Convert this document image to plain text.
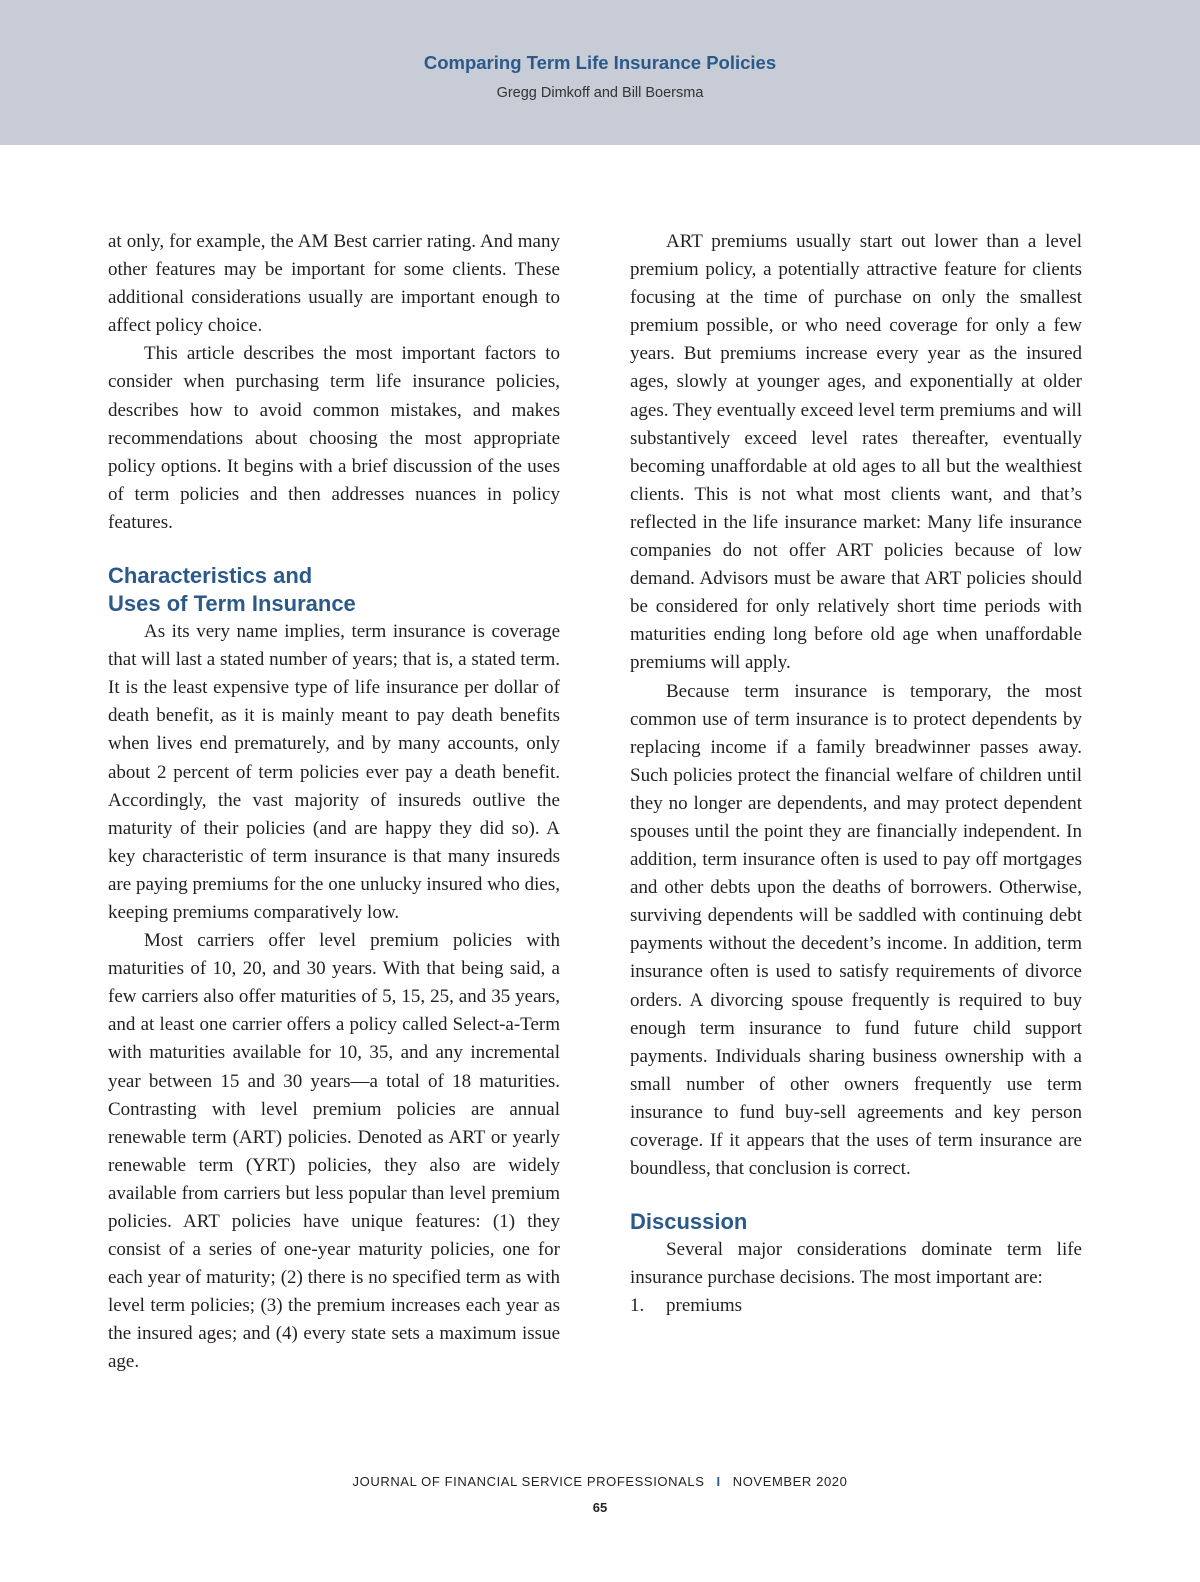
Comparing Term Life Insurance Policies
Gregg Dimkoff and Bill Boersma

at only, for example, the AM Best carrier rating. And many other features may be important for some clients. These additional considerations usually are important enough to affect policy choice.

This article describes the most important factors to consider when purchasing term life insurance policies, describes how to avoid common mistakes, and makes recommendations about choosing the most appropriate policy options. It begins with a brief discussion of the uses of term policies and then addresses nuances in policy features.

Characteristics and
Uses of Term Insurance

As its very name implies, term insurance is coverage that will last a stated number of years; that is, a stated term. It is the least expensive type of life insurance per dollar of death benefit, as it is mainly meant to pay death benefits when lives end prematurely, and by many accounts, only about 2 percent of term policies ever pay a death benefit. Accordingly, the vast majority of insureds outlive the maturity of their policies (and are happy they did so). A key characteristic of term insurance is that many insureds are paying premiums for the one unlucky insured who dies, keeping premiums comparatively low.

Most carriers offer level premium policies with maturities of 10, 20, and 30 years. With that being said, a few carriers also offer maturities of 5, 15, 25, and 35 years, and at least one carrier offers a policy called Select-a-Term with maturities available for 10, 35, and any incremental year between 15 and 30 years—a total of 18 maturities. Contrasting with level premium policies are annual renewable term (ART) policies. Denoted as ART or yearly renewable term (YRT) policies, they also are widely available from carriers but less popular than level premium policies. ART policies have unique features: (1) they consist of a series of one-year maturity policies, one for each year of maturity; (2) there is no specified term as with level term policies; (3) the premium increases each year as the insured ages; and (4) every state sets a maximum issue age.

ART premiums usually start out lower than a level premium policy, a potentially attractive feature for clients focusing at the time of purchase on only the smallest premium possible, or who need coverage for only a few years. But premiums increase every year as the insured ages, slowly at younger ages, and exponentially at older ages. They eventually exceed level term premiums and will substantively exceed level rates thereafter, eventually becoming unaffordable at old ages to all but the wealthiest clients. This is not what most clients want, and that’s reflected in the life insurance market: Many life insurance companies do not offer ART policies because of low demand. Advisors must be aware that ART policies should be considered for only relatively short time periods with maturities ending long before old age when unaffordable premiums will apply.

Because term insurance is temporary, the most common use of term insurance is to protect dependents by replacing income if a family breadwinner passes away. Such policies protect the financial welfare of children until they no longer are dependents, and may protect dependent spouses until the point they are financially independent. In addition, term insurance often is used to pay off mortgages and other debts upon the deaths of borrowers. Otherwise, surviving dependents will be saddled with continuing debt payments without the decedent’s income. In addition, term insurance often is used to satisfy requirements of divorce orders. A divorcing spouse frequently is required to buy enough term insurance to fund future child support payments. Individuals sharing business ownership with a small number of other owners frequently use term insurance to fund buy-sell agreements and key person coverage. If it appears that the uses of term insurance are boundless, that conclusion is correct.

Discussion

Several major considerations dominate term life insurance purchase decisions. The most important are:

1.	premiums
JOURNAL OF FINANCIAL SERVICE PROFESSIONALS I NOVEMBER 2020
65
